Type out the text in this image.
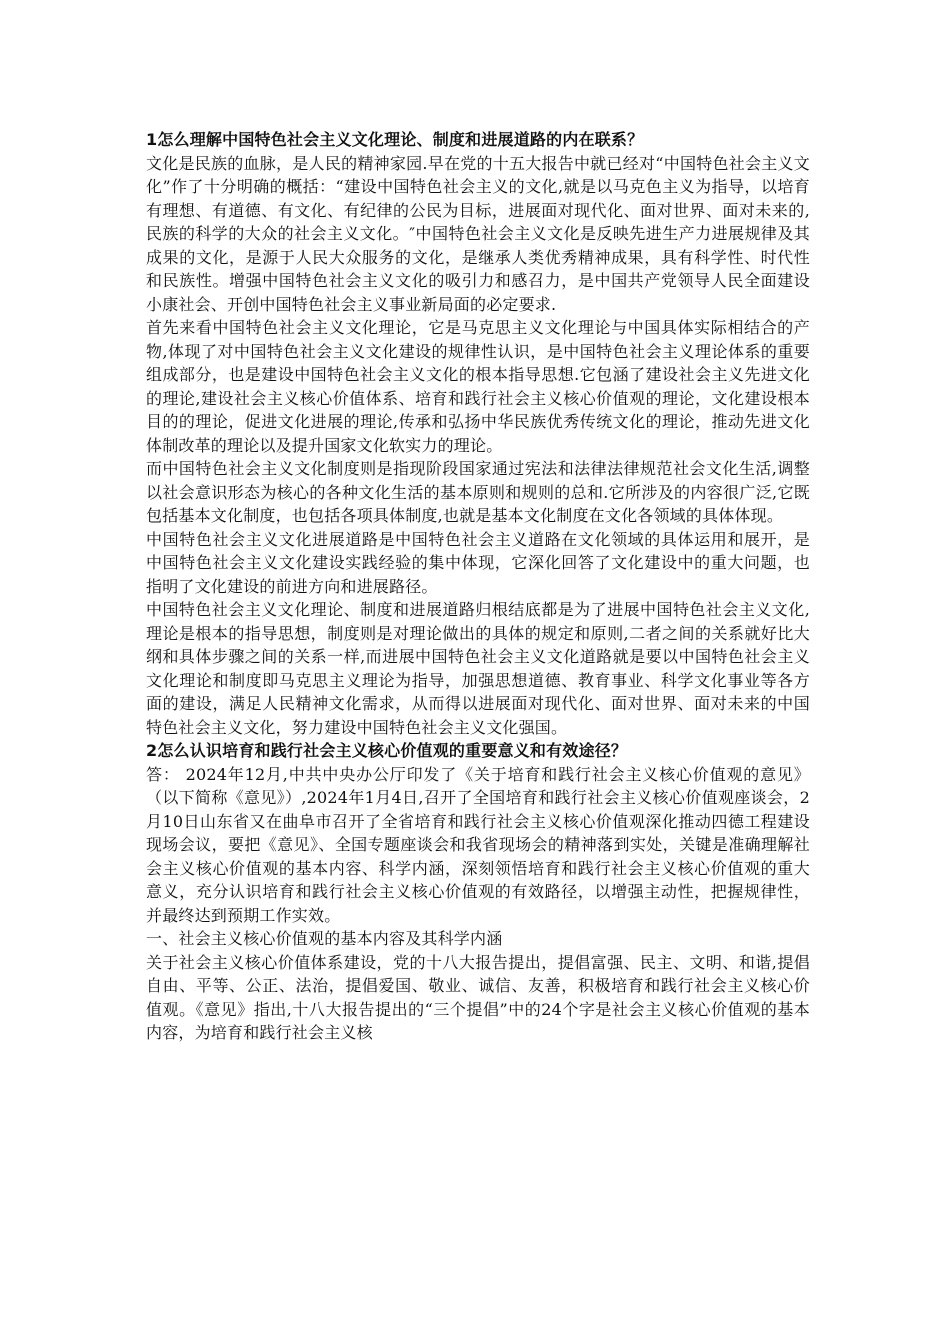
1怎么理解中国特色社会主义文化理论、制度和进展道路的内在联系？

文化是民族的血脉，是人民的精神家园.早在党的十五大报告中就已经对“中国特色社会主义文化”作了十分明确的概括：“建设中国特色社会主义的文化,就是以马克色主义为指导，以培育有理想、有道德、有文化、有纪律的公民为目标，进展面对现代化、面对世界、面对未来的,民族的科学的大众的社会主义文化。″中国特色社会主义文化是反映先进生产力进展规律及其成果的文化，是源于人民大众服务的文化，是继承人类优秀精神成果，具有科学性、时代性和民族性。增强中国特色社会主义文化的吸引力和感召力，是中国共产党领导人民全面建设小康社会、开创中国特色社会主义事业新局面的必定要求.

首先来看中国特色社会主义文化理论，它是马克思主义文化理论与中国具体实际相结合的产物,体现了对中国特色社会主义文化建设的规律性认识，是中国特色社会主义理论体系的重要组成部分，也是建设中国特色社会主义文化的根本指导思想.它包涵了建设社会主义先进文化的理论,建设社会主义核心价值体系、培育和践行社会主义核心价值观的理论，文化建设根本目的的理论，促进文化进展的理论,传承和弘扬中华民族优秀传统文化的理论，推动先进文化体制改革的理论以及提升国家文化软实力的理论。

而中国特色社会主义文化制度则是指现阶段国家通过宪法和法律法律规范社会文化生活,调整以社会意识形态为核心的各种文化生活的基本原则和规则的总和.它所涉及的内容很广泛,它既包括基本文化制度，也包括各项具体制度,也就是基本文化制度在文化各领域的具体体现。

中国特色社会主义文化进展道路是中国特色社会主义道路在文化领域的具体运用和展开，是中国特色社会主义文化建设实践经验的集中体现，它深化回答了文化建设中的重大问题，也指明了文化建设的前进方向和进展路径。

中国特色社会主义文化理论、制度和进展道路归根结底都是为了进展中国特色社会主义文化,理论是根本的指导思想，制度则是对理论做出的具体的规定和原则,二者之间的关系就好比大纲和具体步骤之间的关系一样,而进展中国特色社会主义文化道路就是要以中国特色社会主义文化理论和制度即马克思主义理论为指导，加强思想道德、教育事业、科学文化事业等各方面的建设，满足人民精神文化需求，从而得以进展面对现代化、面对世界、面对未来的中国特色社会主义文化，努力建设中国特色社会主义文化强国。

2怎么认识培育和践行社会主义核心价值观的重要意义和有效途径？

答： 2024年12月,中共中央办公厅印发了《关于培育和践行社会主义核心价值观的意见》（以下简称《意见》）,2024年1月4日,召开了全国培育和践行社会主义核心价值观座谈会，2月10日山东省又在曲阜市召开了全省培育和践行社会主义核心价值观深化推动四德工程建设现场会议，要把《意见》、全国专题座谈会和我省现场会的精神落到实处，关键是准确理解社会主义核心价值观的基本内容、科学内涵，深刻领悟培育和践行社会主义核心价值观的重大意义，充分认识培育和践行社会主义核心价值观的有效路径，以增强主动性，把握规律性，并最终达到预期工作实效。

一、社会主义核心价值观的基本内容及其科学内涵

关于社会主义核心价值体系建设，党的十八大报告提出，提倡富强、民主、文明、和谐,提倡自由、平等、公正、法治，提倡爱国、敬业、诚信、友善，积极培育和践行社会主义核心价值观。《意见》指出,十八大报告提出的“三个提倡”中的24个字是社会主义核心价值观的基本内容，为培育和践行社会主义核
